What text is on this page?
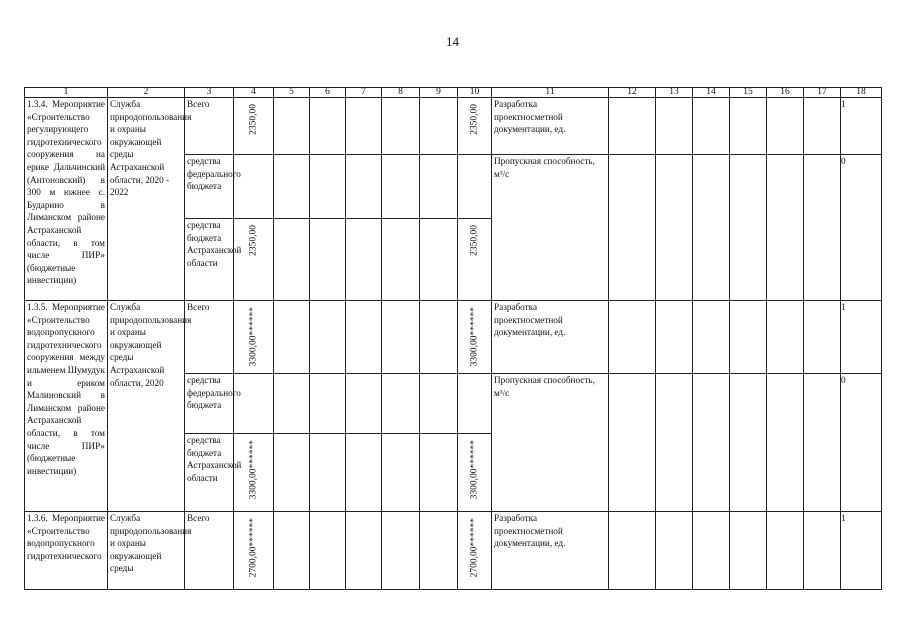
14
1	2	3	4	5	6	7	8	9	10	11	12	13	14	15	16	17	18

1.3.4. Мероприятие «Строительство регулирующего гидротехнического сооружения на ерике Дальчинский (Антоновский) в 300 м южнее с. Бударино в Лиманском районе Астраханской области, в том числе ПИР» (бюджетные инвестиции)	Служба природопользования и охраны окружающей среды Астраханской области, 2020 - 2022	Всего	2350,00						2350,00	Разработка проектносметной документации, ед.							1

		средства федерального бюджета								Пропускная способность, м³/с							0

		средства бюджета Астраханской области	2350,00						2350,00								

1.3.5. Мероприятие «Строительство водопропускного гидротехнического сооружения между ильменем Шумудук и ериком Малиновский в Лиманском районе Астраханской области, в том числе ПИР» (бюджетные инвестиции)	Служба природопользования и охраны окружающей среды Астраханской области, 2020	Всего	3300,00******						3300,00******	Разработка проектносметной документации, ед.							1

		средства федерального бюджета								Пропускная способность, м³/с							0

		средства бюджета Астраханской области	3300,00******						3300,00******								

1.3.6. Мероприятие «Строительство водопропускного гидротехнического	Служба природопользования и охраны окружающей среды	Всего	2700,00******						2700,00******	Разработка проектносметной документации, ед.							1
